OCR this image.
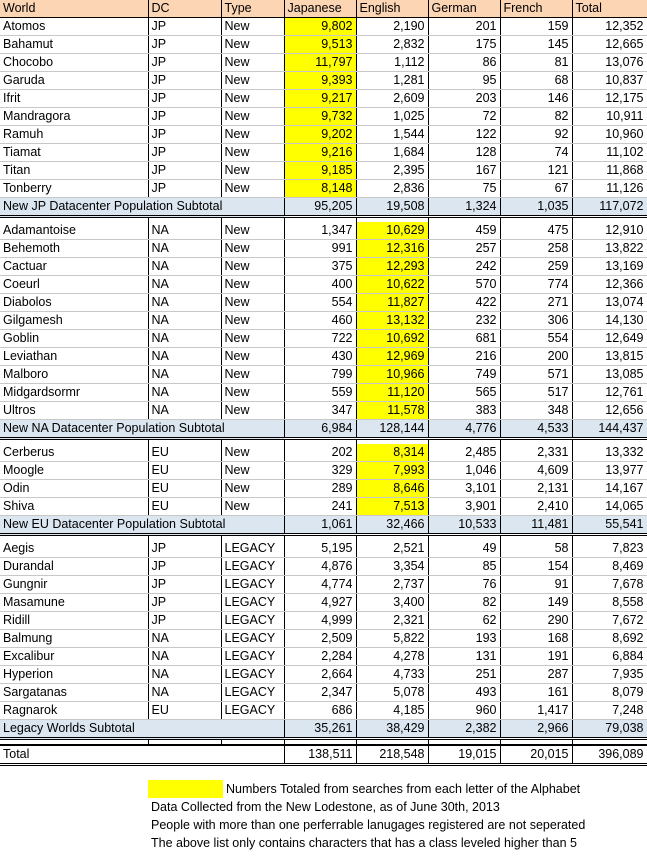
World	DC	Type	Japanese	English	German	French	Total
Atomos	JP	New	9,802	2,190	201	159	12,352
Bahamut	JP	New	9,513	2,832	175	145	12,665
Chocobo	JP	New	11,797	1,112	86	81	13,076
Garuda	JP	New	9,393	1,281	95	68	10,837
Ifrit	JP	New	9,217	2,609	203	146	12,175
Mandragora	JP	New	9,732	1,025	72	82	10,911
Ramuh	JP	New	9,202	1,544	122	92	10,960
Tiamat	JP	New	9,216	1,684	128	74	11,102
Titan	JP	New	9,185	2,395	167	121	11,868
Tonberry	JP	New	8,148	2,836	75	67	11,126
New JP Datacenter Population Subtotal			95,205	19,508	1,324	1,035	117,072

Adamantoise	NA	New	1,347	10,629	459	475	12,910
Behemoth	NA	New	991	12,316	257	258	13,822
Cactuar	NA	New	375	12,293	242	259	13,169
Coeurl	NA	New	400	10,622	570	774	12,366
Diabolos	NA	New	554	11,827	422	271	13,074
Gilgamesh	NA	New	460	13,132	232	306	14,130
Goblin	NA	New	722	10,692	681	554	12,649
Leviathan	NA	New	430	12,969	216	200	13,815
Malboro	NA	New	799	10,966	749	571	13,085
Midgardsormr	NA	New	559	11,120	565	517	12,761
Ultros	NA	New	347	11,578	383	348	12,656
New NA Datacenter Population Subtotal			6,984	128,144	4,776	4,533	144,437

Cerberus	EU	New	202	8,314	2,485	2,331	13,332
Moogle	EU	New	329	7,993	1,046	4,609	13,977
Odin	EU	New	289	8,646	3,101	2,131	14,167
Shiva	EU	New	241	7,513	3,901	2,410	14,065
New EU Datacenter Population Subtotal			1,061	32,466	10,533	11,481	55,541

Aegis	JP	LEGACY	5,195	2,521	49	58	7,823
Durandal	JP	LEGACY	4,876	3,354	85	154	8,469
Gungnir	JP	LEGACY	4,774	2,737	76	91	7,678
Masamune	JP	LEGACY	4,927	3,400	82	149	8,558
Ridill	JP	LEGACY	4,999	2,321	62	290	7,672
Balmung	NA	LEGACY	2,509	5,822	193	168	8,692
Excalibur	NA	LEGACY	2,284	4,278	131	191	6,884
Hyperion	NA	LEGACY	2,664	4,733	251	287	7,935
Sargatanas	NA	LEGACY	2,347	5,078	493	161	8,079
Ragnarok	EU	LEGACY	686	4,185	960	1,417	7,248
Legacy Worlds Subtotal			35,261	38,429	2,382	2,966	79,038

Total			138,511	218,548	19,015	20,015	396,089
		Numbers Totaled from searches from each letter of the Alphabet
	Data Collected from the New Lodestone, as of June 30th, 2013	
	People with more than one perferrable lanugages registered are not seperated	
	The above list only contains characters that has a class leveled higher than 5	
